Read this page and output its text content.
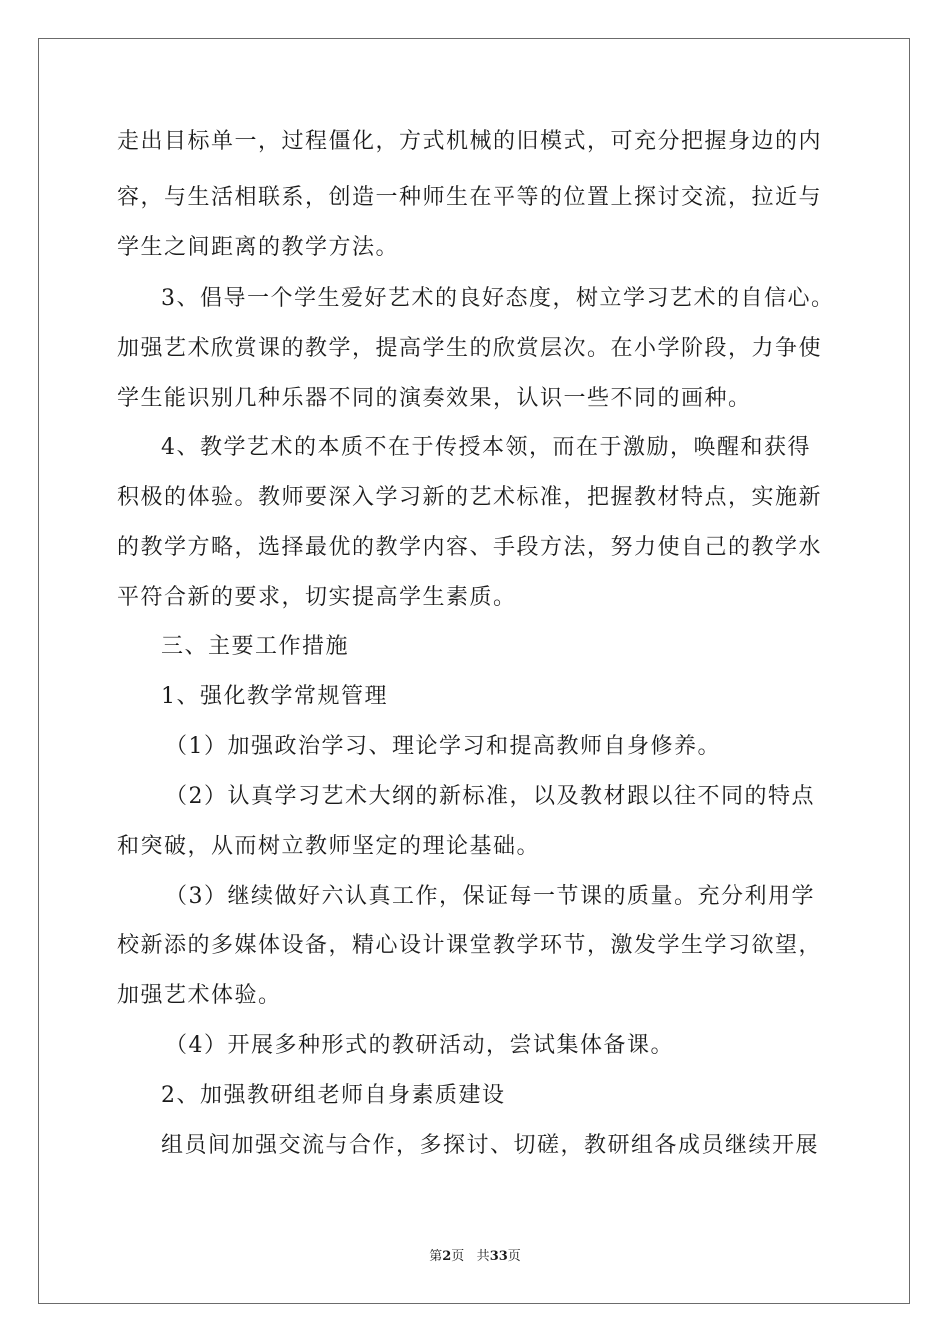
走出目标单一，过程僵化，方式机械的旧模式，可充分把握身边的内
容，与生活相联系，创造一种师生在平等的位置上探讨交流，拉近与
学生之间距离的教学方法。
3、倡导一个学生爱好艺术的良好态度，树立学习艺术的自信心。
加强艺术欣赏课的教学，提高学生的欣赏层次。在小学阶段，力争使
学生能识别几种乐器不同的演奏效果，认识一些不同的画种。
4、教学艺术的本质不在于传授本领，而在于激励，唤醒和获得
积极的体验。教师要深入学习新的艺术标准，把握教材特点，实施新
的教学方略，选择最优的教学内容、手段方法，努力使自己的教学水
平符合新的要求，切实提高学生素质。
三、主要工作措施
1、强化教学常规管理
（1）加强政治学习、理论学习和提高教师自身修养。
（2）认真学习艺术大纲的新标准，以及教材跟以往不同的特点
和突破，从而树立教师坚定的理论基础。
（3）继续做好六认真工作，保证每一节课的质量。充分利用学
校新添的多媒体设备，精心设计课堂教学环节，激发学生学习欲望，
加强艺术体验。
（4）开展多种形式的教研活动，尝试集体备课。
2、加强教研组老师自身素质建设
组员间加强交流与合作，多探讨、切磋，教研组各成员继续开展
第2页 共33页
